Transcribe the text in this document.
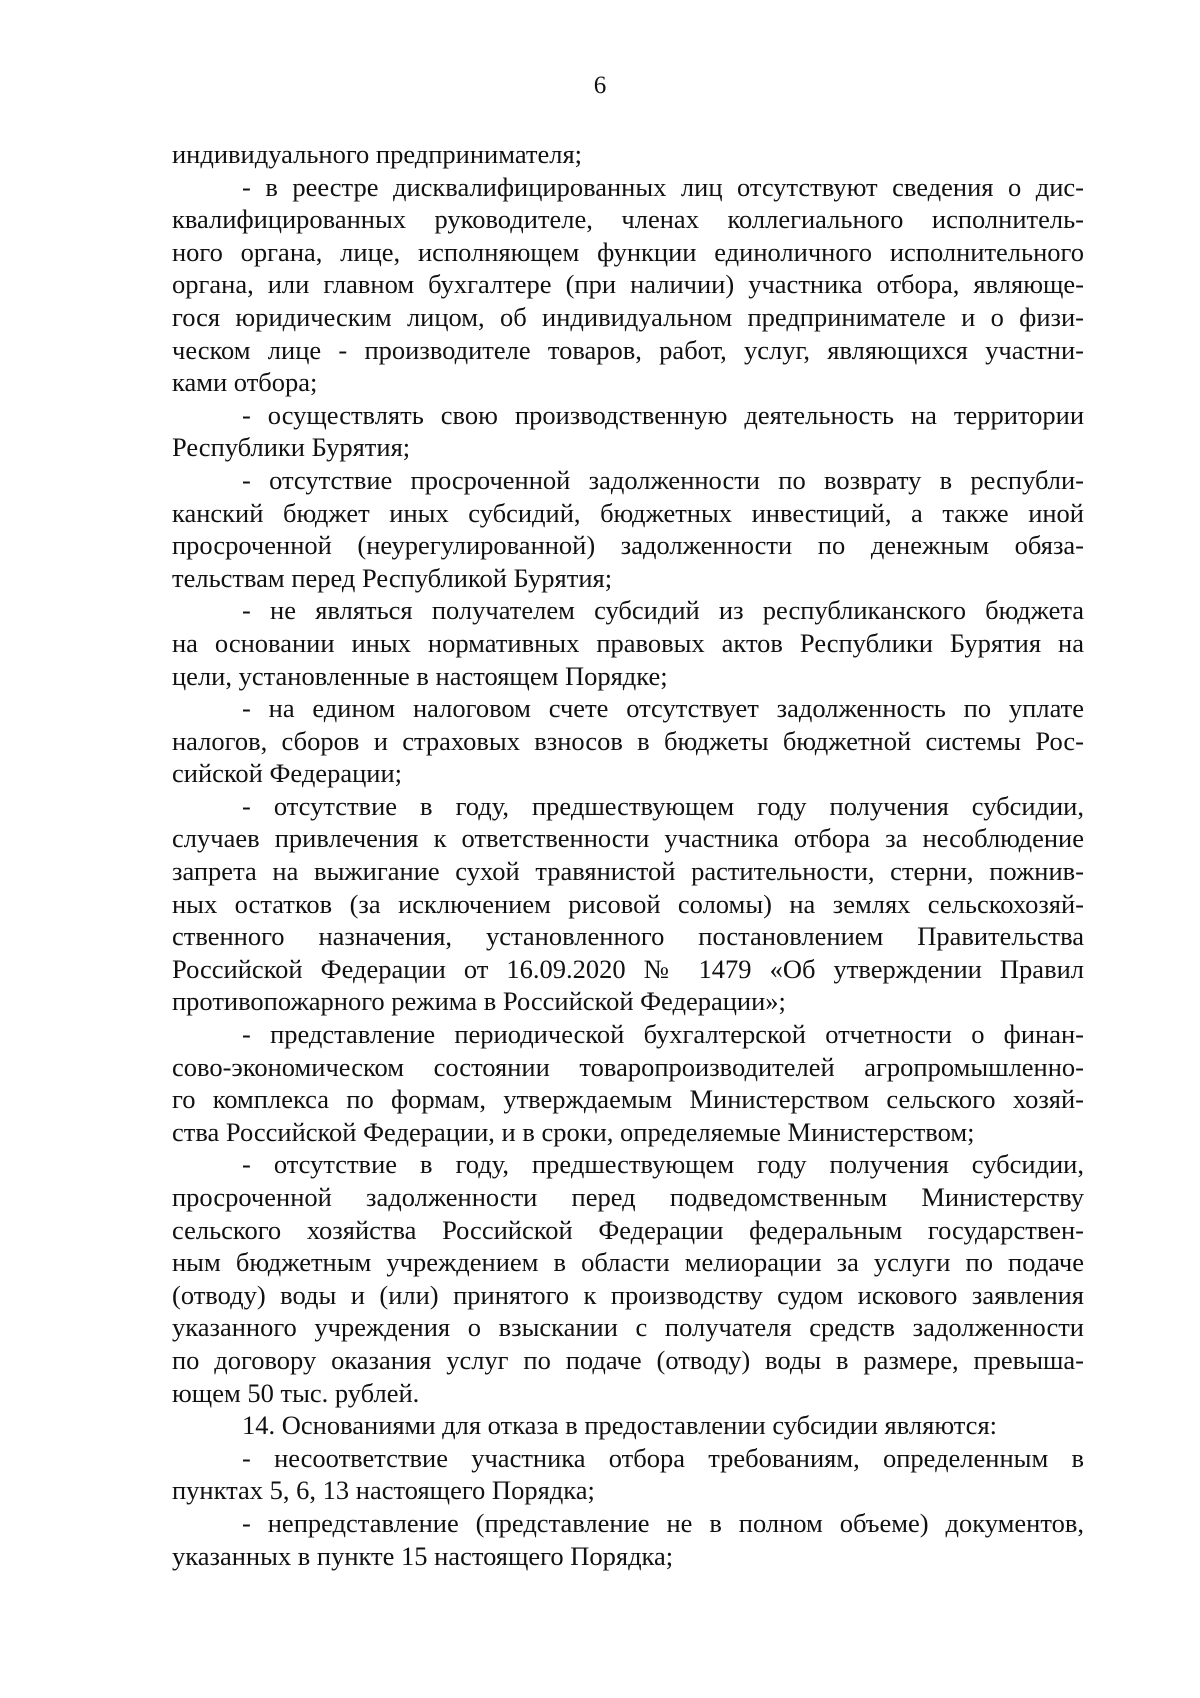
6
индивидуального предпринимателя;
- в реестре дисквалифицированных лиц отсутствуют сведения о дис-
квалифицированных руководителе, членах коллегиального исполнитель-
ного органа, лице, исполняющем функции единоличного исполнительного
органа, или главном бухгалтере (при наличии) участника отбора, являюще-
гося юридическим лицом, об индивидуальном предпринимателе и о физи-
ческом лице - производителе товаров, работ, услуг, являющихся участни-
ками отбора;
- осуществлять свою производственную деятельность на территории
Республики Бурятия;
- отсутствие просроченной задолженности по возврату в республи-
канский бюджет иных субсидий, бюджетных инвестиций, а также иной
просроченной (неурегулированной) задолженности по денежным обяза-
тельствам перед Республикой Бурятия;
- не являться получателем субсидий из республиканского бюджета
на основании иных нормативных правовых актов Республики Бурятия на
цели, установленные в настоящем Порядке;
- на едином налоговом счете отсутствует задолженность по уплате
налогов, сборов и страховых взносов в бюджеты бюджетной системы Рос-
сийской Федерации;
- отсутствие в году, предшествующем году получения субсидии,
случаев привлечения к ответственности участника отбора за несоблюдение
запрета на выжигание сухой травянистой растительности, стерни, пожнив-
ных остатков (за исключением рисовой соломы) на землях сельскохозяй-
ственного назначения, установленного постановлением Правительства
Российской Федерации от 16.09.2020 № 1479 «Об утверждении Правил
противопожарного режима в Российской Федерации»;
- представление периодической бухгалтерской отчетности о финан-
сово-экономическом состоянии товаропроизводителей агропромышленно-
го комплекса по формам, утверждаемым Министерством сельского хозяй-
ства Российской Федерации, и в сроки, определяемые Министерством;
- отсутствие в году, предшествующем году получения субсидии,
просроченной задолженности перед подведомственным Министерству
сельского хозяйства Российской Федерации федеральным государствен-
ным бюджетным учреждением в области мелиорации за услуги по подаче
(отводу) воды и (или) принятого к производству судом искового заявления
указанного учреждения о взыскании с получателя средств задолженности
по договору оказания услуг по подаче (отводу) воды в размере, превыша-
ющем 50 тыс. рублей.
14. Основаниями для отказа в предоставлении субсидии являются:
- несоответствие участника отбора требованиям, определенным в
пунктах 5, 6, 13 настоящего Порядка;
- непредставление (представление не в полном объеме) документов,
указанных в пункте 15 настоящего Порядка;
